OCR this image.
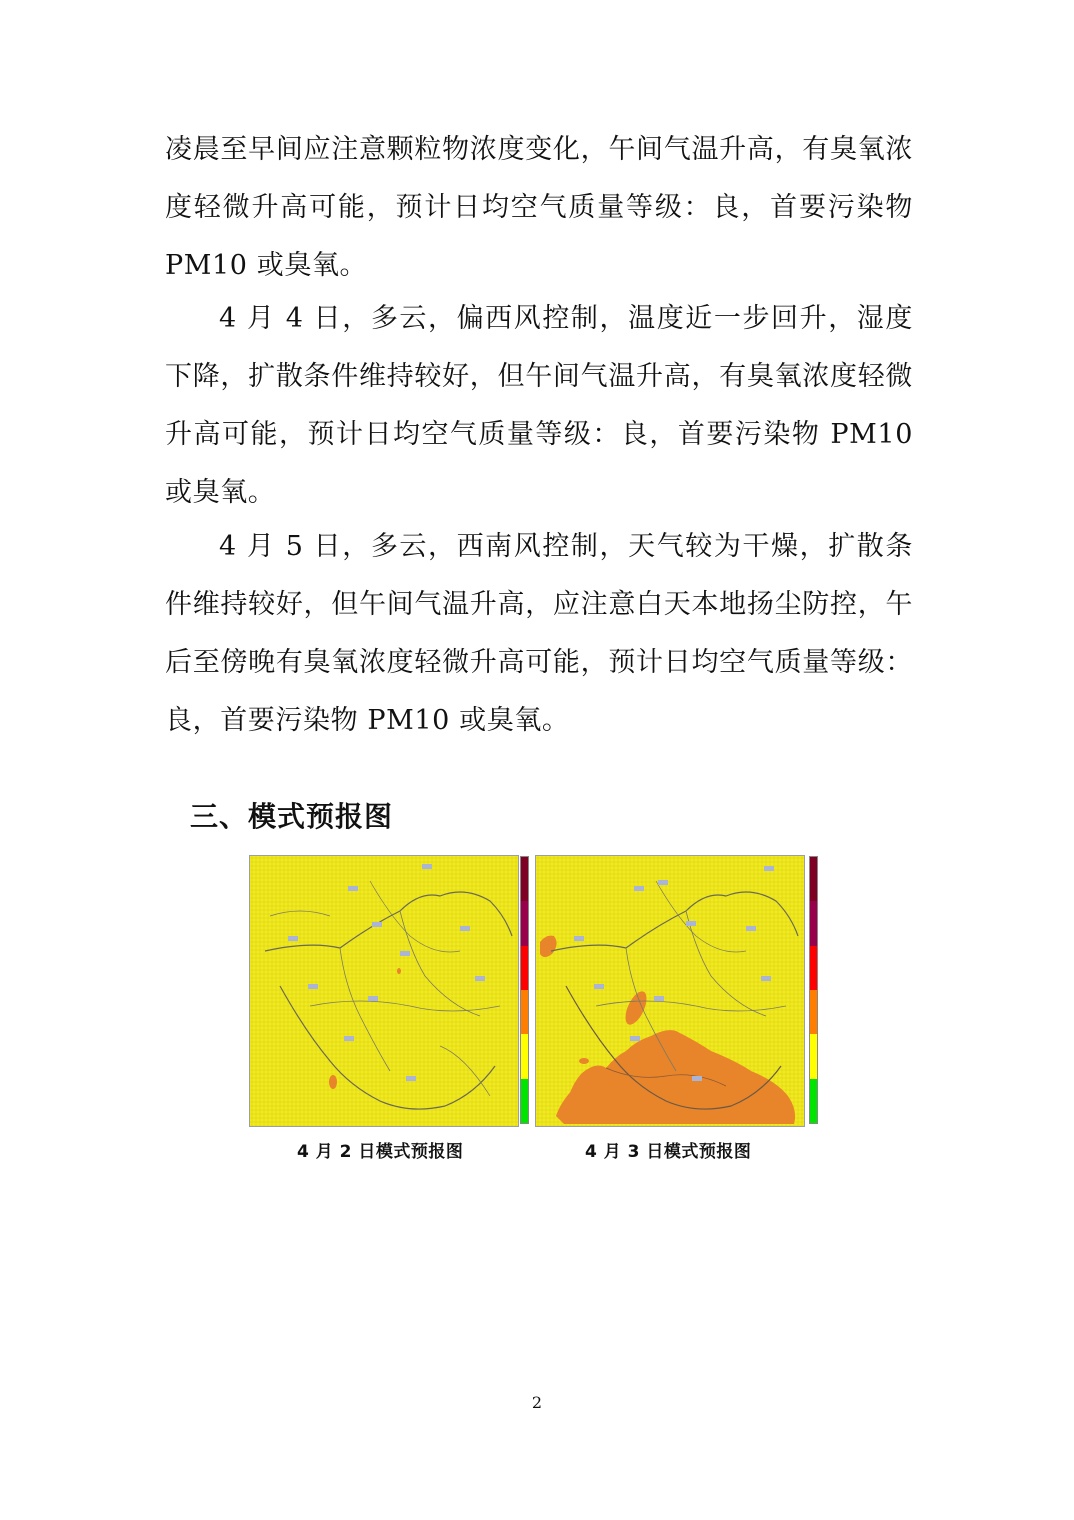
凌晨至早间应注意颗粒物浓度变化，午间气温升高，有臭氧浓度轻微升高可能，预计日均空气质量等级：良，首要污染物 PM10 或臭氧。

4 月 4 日，多云，偏西风控制，温度近一步回升，湿度下降，扩散条件维持较好，但午间气温升高，有臭氧浓度轻微升高可能，预计日均空气质量等级：良，首要污染物 PM10 或臭氧。

4 月 5 日，多云，西南风控制，天气较为干燥，扩散条件维持较好，但午间气温升高，应注意白天本地扬尘防控，午后至傍晚有臭氧浓度轻微升高可能，预计日均空气质量等级：良，首要污染物 PM10 或臭氧。

三、模式预报图

4 月 2 日模式预报图	4 月 3 日模式预报图

2
